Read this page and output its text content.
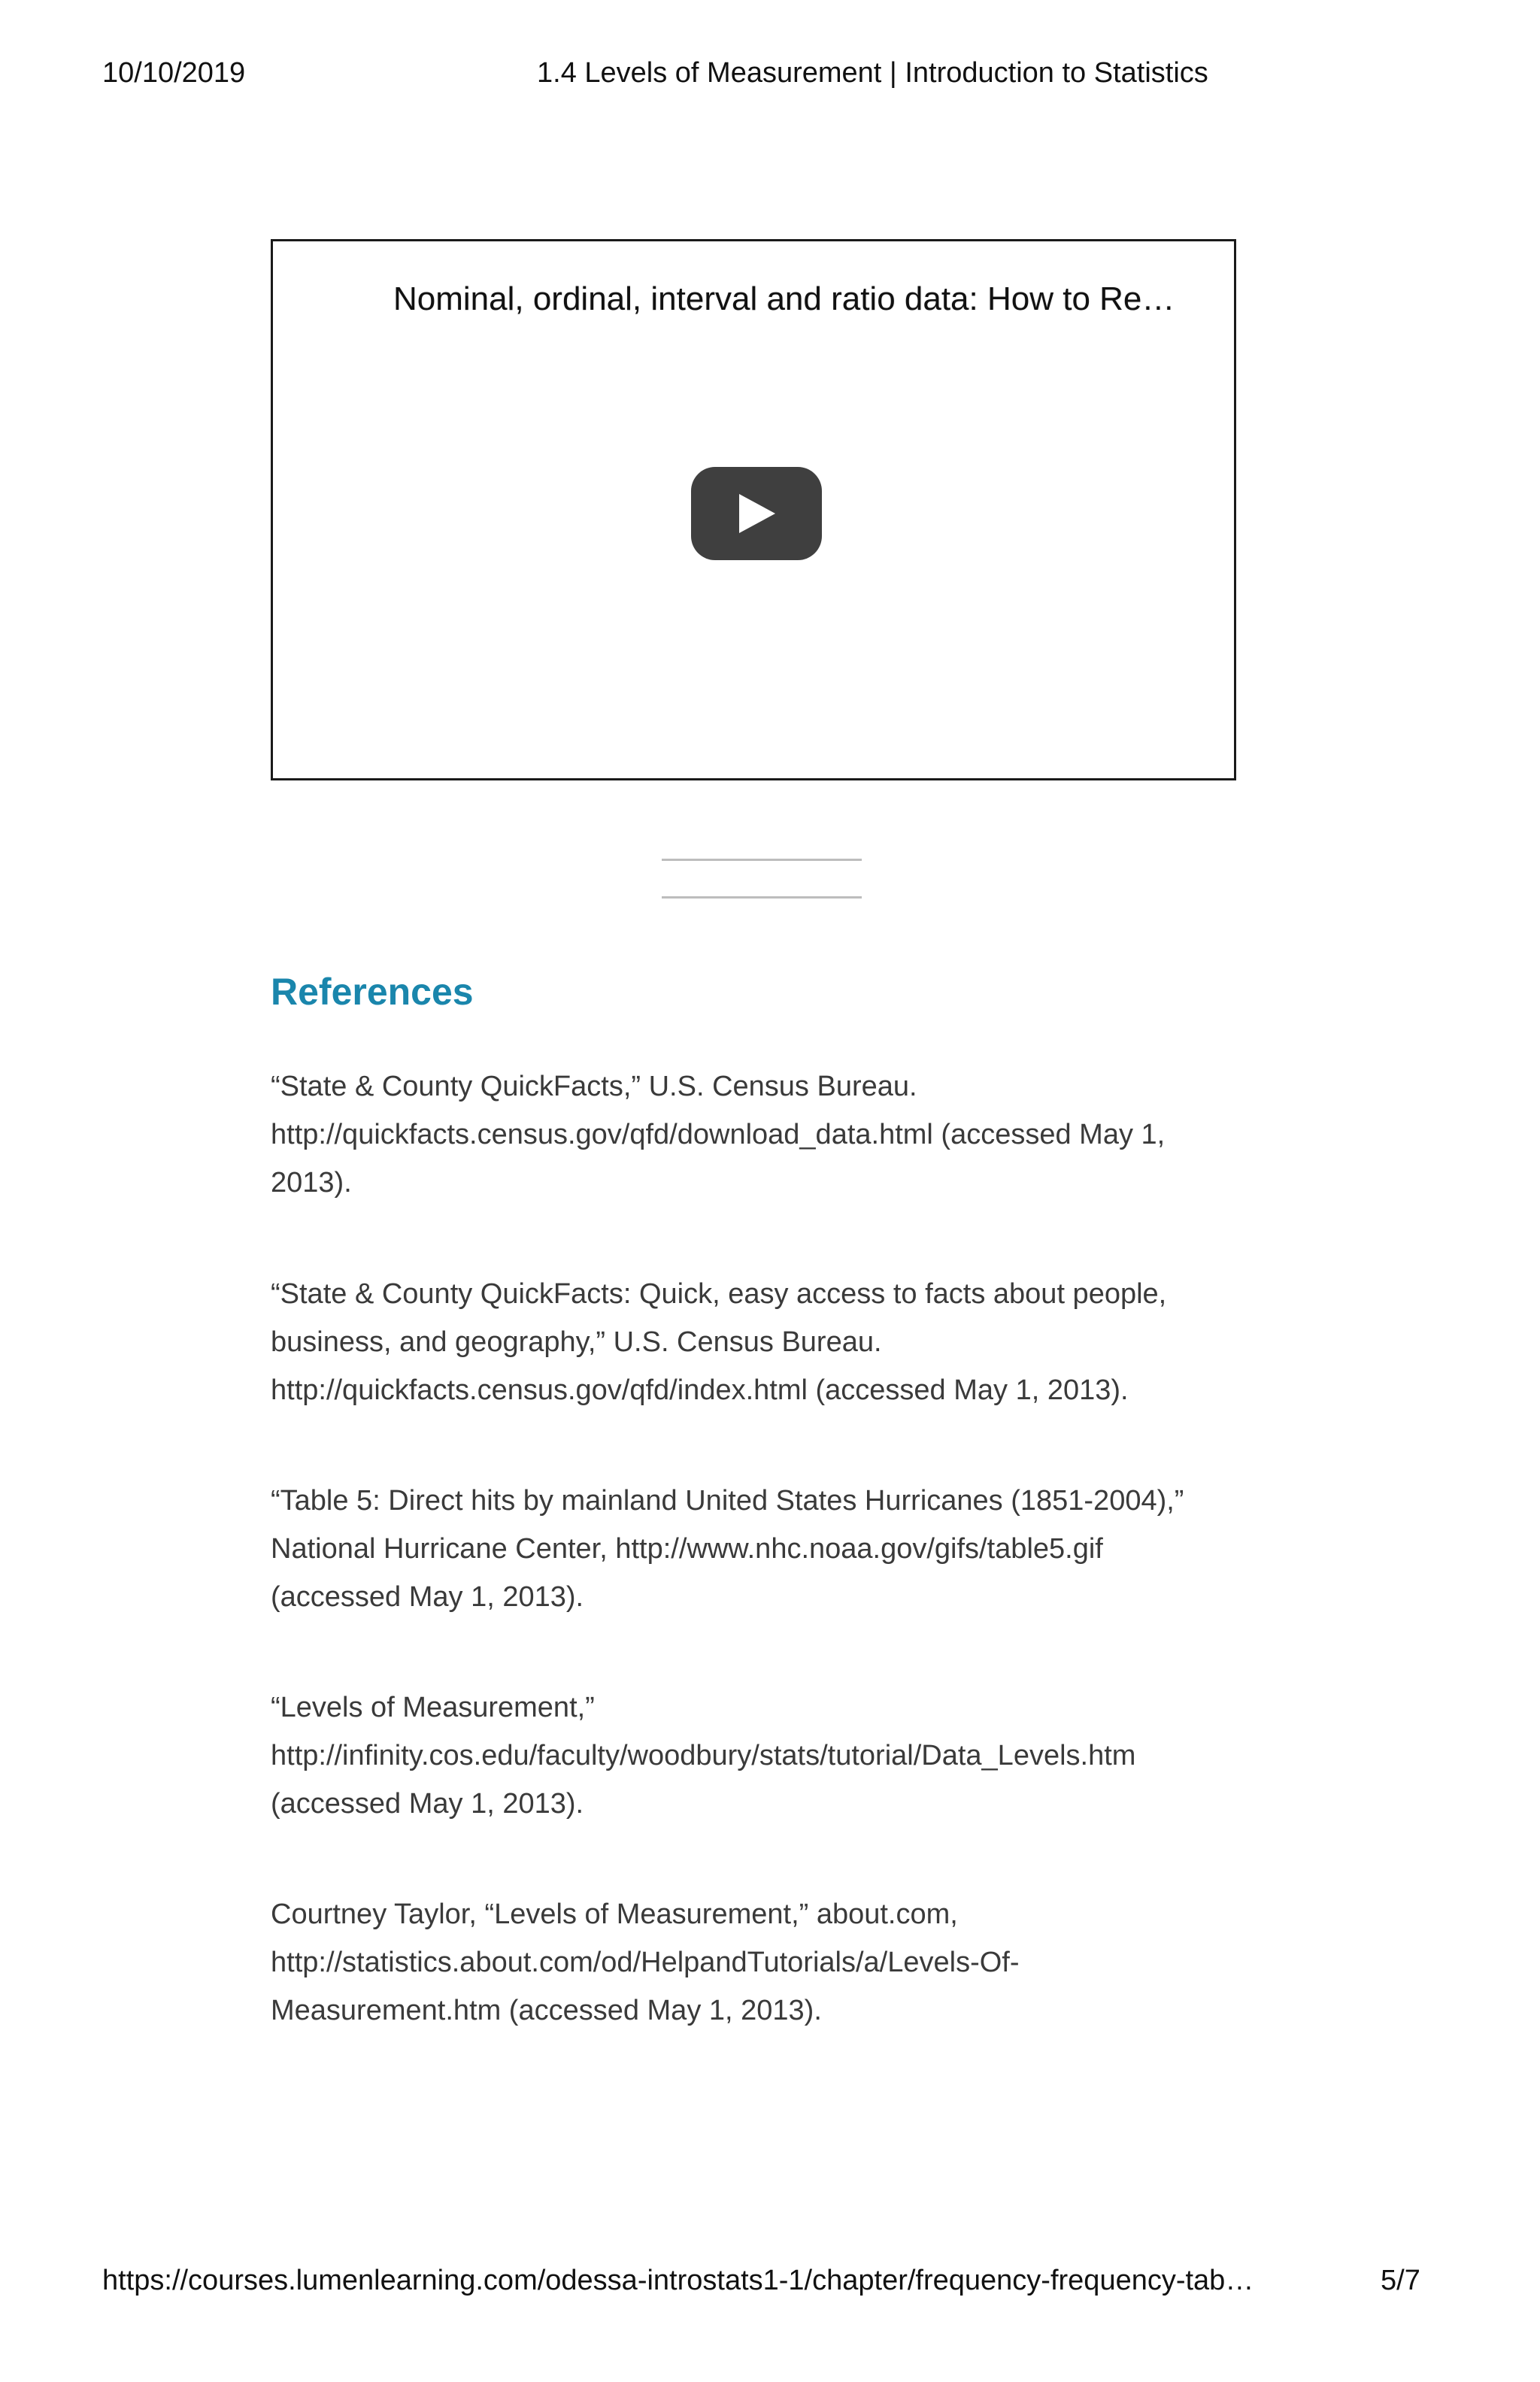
10/10/2019	1.4 Levels of Measurement | Introduction to Statistics
Nominal, ordinal, interval and ratio data: How to Re…
References

“State & County QuickFacts,” U.S. Census Bureau.
http://quickfacts.census.gov/qfd/download_data.html (accessed May 1,
2013).

“State & County QuickFacts: Quick, easy access to facts about people,
business, and geography,” U.S. Census Bureau.
http://quickfacts.census.gov/qfd/index.html (accessed May 1, 2013).

“Table 5: Direct hits by mainland United States Hurricanes (1851-2004),”
National Hurricane Center, http://www.nhc.noaa.gov/gifs/table5.gif
(accessed May 1, 2013).

“Levels of Measurement,”
http://infinity.cos.edu/faculty/woodbury/stats/tutorial/Data_Levels.htm
(accessed May 1, 2013).

Courtney Taylor, “Levels of Measurement,” about.com,
http://statistics.about.com/od/HelpandTutorials/a/Levels-Of-
Measurement.htm (accessed May 1, 2013).

https://courses.lumenlearning.com/odessa-introstats1-1/chapter/frequency-frequency-tab…	5/7
